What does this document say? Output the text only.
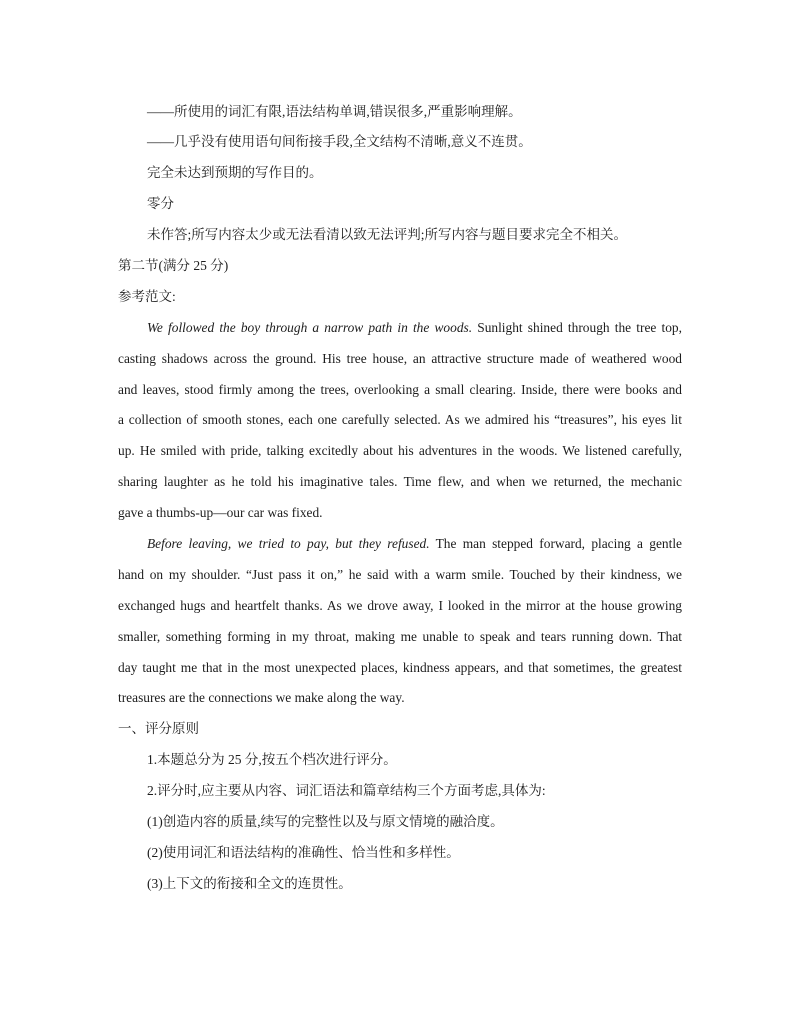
——所使用的词汇有限,语法结构单调,错误很多,严重影响理解。
——几乎没有使用语句间衔接手段,全文结构不清晰,意义不连贯。
完全未达到预期的写作目的。
零分
未作答;所写内容太少或无法看清以致无法评判;所写内容与题目要求完全不相关。
第二节(满分 25 分)
参考范文:
We followed the boy through a narrow path in the woods. Sunlight shined through the tree top,
casting shadows across the ground. His tree house, an attractive structure made of weathered wood
and leaves, stood firmly among the trees, overlooking a small clearing. Inside, there were books and
a collection of smooth stones, each one carefully selected. As we admired his “treasures”, his eyes lit
up. He smiled with pride, talking excitedly about his adventures in the woods. We listened carefully,
sharing laughter as he told his imaginative tales. Time flew, and when we returned, the mechanic
gave a thumbs-up—our car was fixed.
Before leaving, we tried to pay, but they refused. The man stepped forward, placing a gentle
hand on my shoulder. “Just pass it on,” he said with a warm smile. Touched by their kindness, we
exchanged hugs and heartfelt thanks. As we drove away, I looked in the mirror at the house growing
smaller, something forming in my throat, making me unable to speak and tears running down. That
day taught me that in the most unexpected places, kindness appears, and that sometimes, the greatest
treasures are the connections we make along the way.
一、评分原则
1.本题总分为 25 分,按五个档次进行评分。
2.评分时,应主要从内容、词汇语法和篇章结构三个方面考虑,具体为:
(1)创造内容的质量,续写的完整性以及与原文情境的融洽度。
(2)使用词汇和语法结构的准确性、恰当性和多样性。
(3)上下文的衔接和全文的连贯性。
